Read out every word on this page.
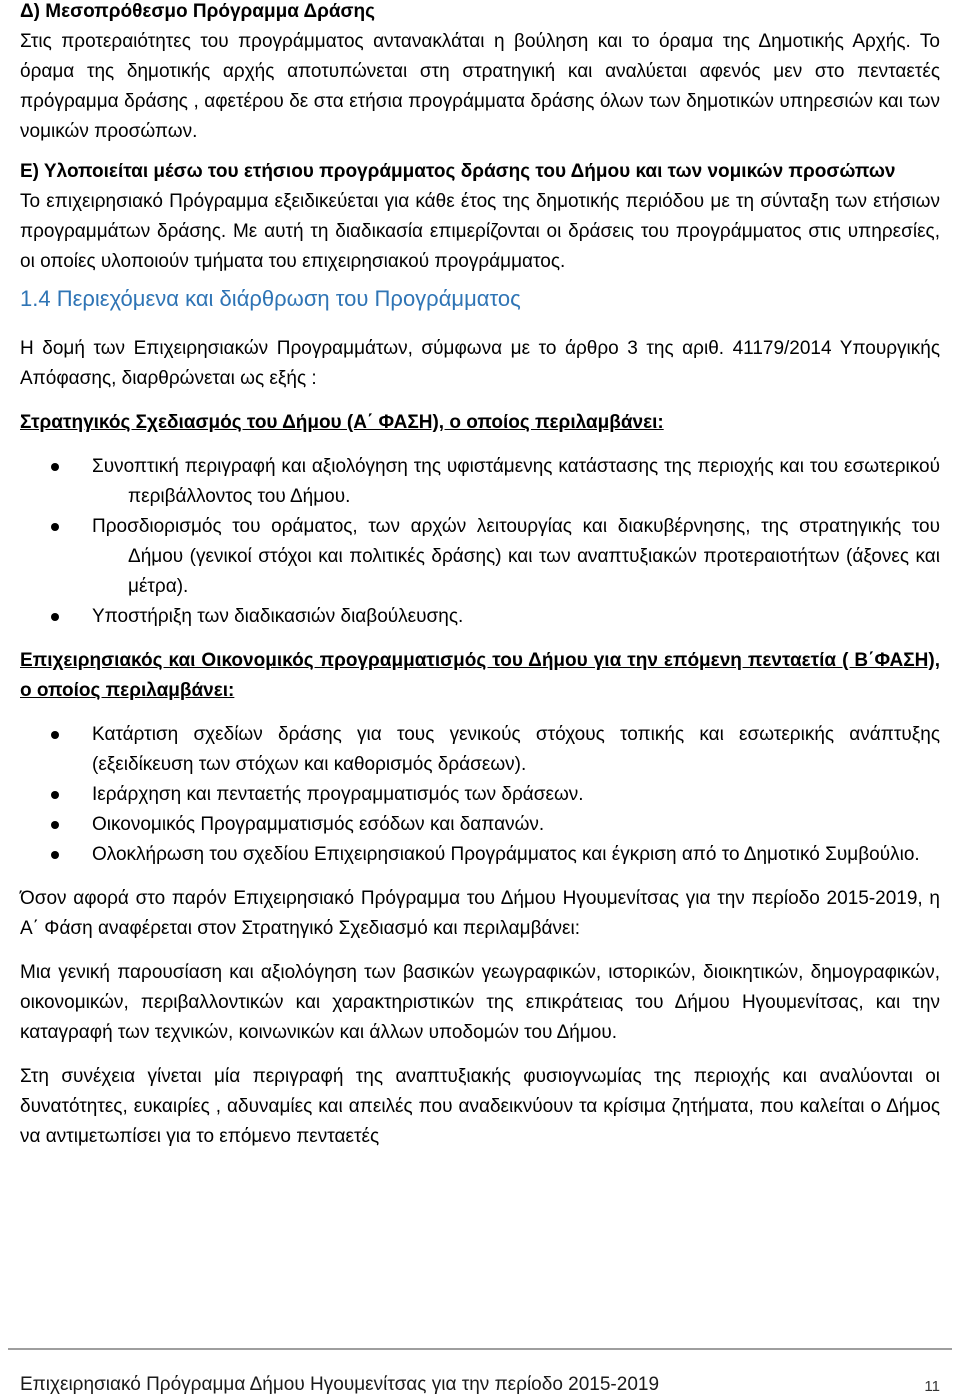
Δ) Μεσοπρόθεσμο Πρόγραμμα Δράσης

Στις προτεραιότητες του προγράμματος αντανακλάται η βούληση και το όραμα της Δημοτικής Αρχής. Το όραμα της δημοτικής αρχής αποτυπώνεται στη στρατηγική και αναλύεται αφενός μεν στο πενταετές πρόγραμμα δράσης , αφετέρου δε στα ετήσια προγράμματα δράσης όλων των δημοτικών υπηρεσιών και των νομικών προσώπων.

Ε) Υλοποιείται μέσω του ετήσιου προγράμματος δράσης του Δήμου και των νομικών προσώπων

Το επιχειρησιακό Πρόγραμμα εξειδικεύεται για κάθε έτος της δημοτικής περιόδου με τη σύνταξη των ετήσιων προγραμμάτων δράσης. Με αυτή τη διαδικασία επιμερίζονται οι δράσεις του προγράμματος στις υπηρεσίες, οι οποίες υλοποιούν τμήματα του επιχειρησιακού προγράμματος.

1.4 Περιεχόμενα και διάρθρωση του Προγράμματος

Η δομή των Επιχειρησιακών Προγραμμάτων, σύμφωνα με το άρθρο 3 της αριθ. 41179/2014 Υπουργικής Απόφασης, διαρθρώνεται ως εξής :

Στρατηγικός Σχεδιασμός του Δήμου (Α΄ ΦΑΣΗ), ο οποίος περιλαμβάνει:

Συνοπτική περιγραφή και αξιολόγηση της υφιστάμενης κατάστασης της περιοχής και του εσωτερικού περιβάλλοντος του Δήμου.
Προσδιορισμός του οράματος, των αρχών λειτουργίας και διακυβέρνησης, της στρατηγικής του Δήμου (γενικοί στόχοι και πολιτικές δράσης) και των αναπτυξιακών προτεραιοτήτων (άξονες και μέτρα).
Υποστήριξη των διαδικασιών διαβούλευσης.

Επιχειρησιακός και Οικονομικός προγραμματισμός του Δήμου για την επόμενη πενταετία ( Β΄ΦΑΣΗ), ο οποίος περιλαμβάνει:

Κατάρτιση σχεδίων δράσης για τους γενικούς στόχους τοπικής και εσωτερικής ανάπτυξης (εξειδίκευση των στόχων και καθορισμός δράσεων).
Ιεράρχηση και πενταετής προγραμματισμός των δράσεων.
Οικονομικός Προγραμματισμός εσόδων και δαπανών.
Ολοκλήρωση του σχεδίου Επιχειρησιακού Προγράμματος και έγκριση από το Δημοτικό Συμβούλιο.

Όσον αφορά στο παρόν Επιχειρησιακό Πρόγραμμα του Δήμου Ηγουμενίτσας για την περίοδο 2015-2019, η Α΄ Φάση αναφέρεται στον Στρατηγικό Σχεδιασμό και περιλαμβάνει:

Μια γενική παρουσίαση και αξιολόγηση των βασικών γεωγραφικών, ιστορικών, διοικητικών, δημογραφικών, οικονομικών, περιβαλλοντικών και χαρακτηριστικών της επικράτειας του Δήμου Ηγουμενίτσας, και την καταγραφή των τεχνικών, κοινωνικών και άλλων υποδομών του Δήμου.

Στη συνέχεια γίνεται μία περιγραφή της αναπτυξιακής φυσιογνωμίας της περιοχής και αναλύονται οι δυνατότητες, ευκαιρίες , αδυναμίες και απειλές που αναδεικνύουν τα κρίσιμα ζητήματα, που καλείται ο Δήμος να αντιμετωπίσει για το επόμενο πενταετές

Επιχειρησιακό Πρόγραμμα Δήμου Ηγουμενίτσας για την περίοδο 2015-2019	11
